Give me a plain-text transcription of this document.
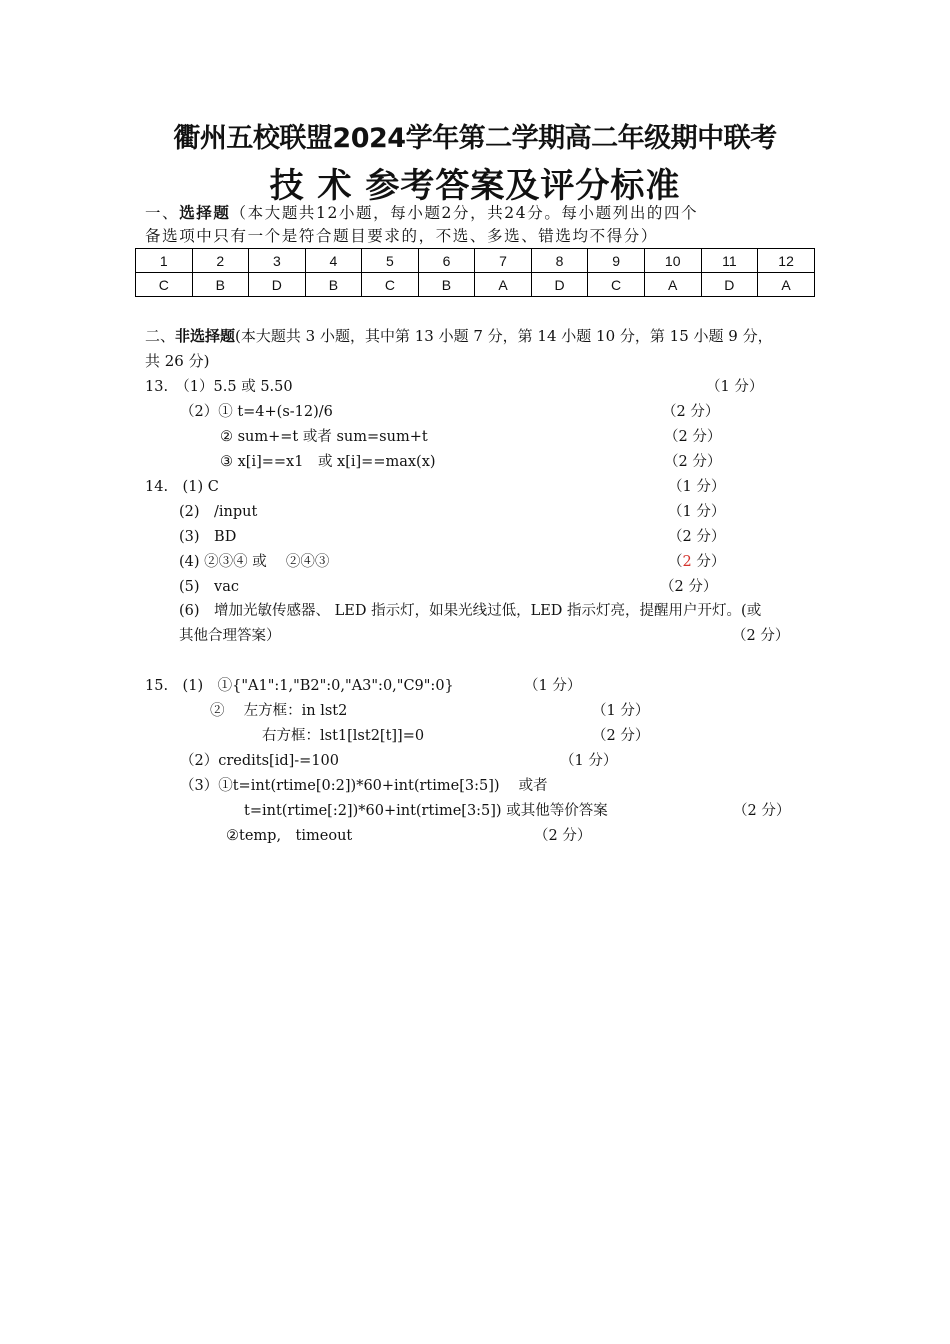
衢州五校联盟2024学年第二学期高二年级期中联考
技 术 参考答案及评分标准
一、选择题（本大题共12小题，每小题2分，共24分。每小题列出的四个
备选项中只有一个是符合题目要求的，不选、多选、错选均不得分）
1	2	3	4	5	6	7	8	9	10	11	12
C	B	D	B	C	B	A	D	C	A	D	A
二、非选择题(本大题共 3 小题，其中第 13 小题 7 分，第 14 小题 10 分，第 15 小题 9 分，
共 26 分)
13.　（1）5.5 或 5.50	（1 分）
（2）① t=4+(s-12)/6	（2 分）
② sum+=t 或者 sum=sum+t	（2 分）
③ x[i]==x1　或 x[i]==max(x)	（2 分）
14.　(1) C	（1 分）
(2)　/input	（1 分）
(3)　BD	（2 分）
(4) ②③④ 或　 ②④③	（2 分）
(5)　vac	（2 分）
(6)　增加光敏传感器、 LED 指示灯，如果光线过低，LED 指示灯亮，提醒用户开灯。(或
其他合理答案）	（2 分）
15.　(1)　①{"A1":1,"B2":0,"A3":0,"C9":0}	（1 分）
②　 左方框：in lst2	（1 分）
右方框：lst1[lst2[t]]=0	（2 分）
（2）credits[id]-=100	（1 分）
（3）①t=int(rtime[0:2])*60+int(rtime[3:5])　 或者
t=int(rtime[:2])*60+int(rtime[3:5]) 或其他等价答案	（2 分）
②temp,　timeout	（2 分）
